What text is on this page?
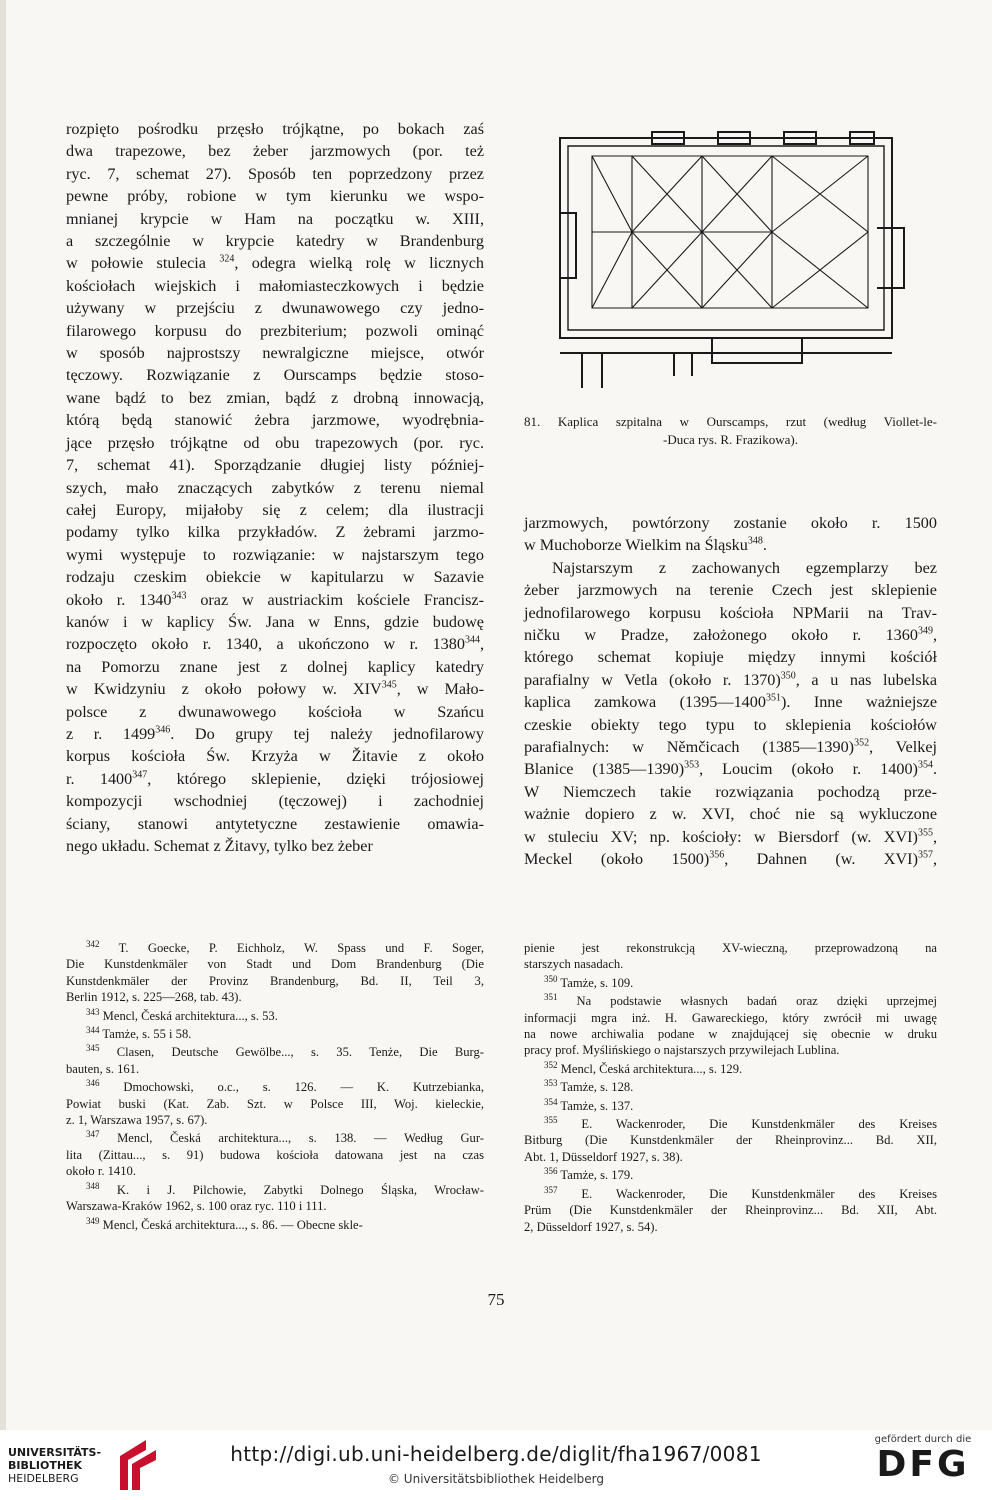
rozpięto pośrodku przęsło trójkątne, po bokach zaś
dwa trapezowe, bez żeber jarzmowych (por. też
ryc. 7, schemat 27). Sposób ten poprzedzony przez
pewne próby, robione w tym kierunku we wspo-
mnianej krypcie w Ham na początku w. XIII,
a szczególnie w krypcie katedry w Brandenburg
w połowie stulecia $^{324}$, odegra wielką rolę w licznych
kościołach wiejskich i małomiasteczkowych i będzie
używany w przejściu z dwunawowego czy jedno-
filarowego korpusu do prezbiterium; pozwoli ominąć
w sposób najprostszy newralgiczne miejsce, otwór
tęczowy. Rozwiązanie z Ourscamps będzie stoso-
wane bądź to bez zmian, bądź z drobną innowacją,
którą będą stanowić żebra jarzmowe, wyodrębnia-
jące przęsło trójkątne od obu trapezowych (por. ryc.
7, schemat 41). Sporządzanie długiej listy później-
szych, mało znaczących zabytków z terenu niemal
całej Europy, mijałoby się z celem; dla ilustracji
podamy tylko kilka przykładów. Z żebrami jarzmo-
wymi występuje to rozwiązanie: w najstarszym tego
rodzaju czeskim obiekcie w kapitularzu w Sazavie
około r. 1340$^{343}$ oraz w austriackim kościele Francisz-
kanów i w kaplicy Św. Jana w Enns, gdzie budowę
rozpoczęto około r. 1340, a ukończono w r. 1380$^{344}$,
na Pomorzu znane jest z dolnej kaplicy katedry
w Kwidzyniu z około połowy w. XIV$^{345}$, w Mało-
polsce z dwunawowego kościoła w Szańcu
z r. 1499$^{346}$. Do grupy tej należy jednofilarowy
korpus kościoła Św. Krzyża w Žitavie z około
r. 1400$^{347}$, którego sklepienie, dzięki trójosiowej
kompozycji wschodniej (tęczowej) i zachodniej
ściany, stanowi antytetyczne zestawienie omawia-
nego układu. Schemat z Žitavy, tylko bez żeber
81. Kaplica szpitalna w Ourscamps, rzut (według Viollet-le-
-Duca rys. R. Frazikowa).
jarzmowych, powtórzony zostanie około r. 1500
w Muchoborze Wielkim na Śląsku$^{348}$.
Najstarszym z zachowanych egzemplarzy bez
żeber jarzmowych na terenie Czech jest sklepienie
jednofilarowego korpusu kościoła NPMarii na Trav-
ničku w Pradze, założonego około r. 1360$^{349}$,
którego schemat kopiuje między innymi kościół
parafialny w Vetla (około r. 1370)$^{350}$, a u nas lubelska
kaplica zamkowa (1395—1400$^{351}$). Inne ważniejsze
czeskie obiekty tego typu to sklepienia kościołów
parafialnych: w Němčicach (1385—1390)$^{352}$, Velkej
Blanice (1385—1390)$^{353}$, Loucim (około r. 1400)$^{354}$.
W Niemczech takie rozwiązania pochodzą prze-
ważnie dopiero z w. XVI, choć nie są wykluczone
w stuleciu XV; np. kościoły: w Biersdorf (w. XVI)$^{355}$,
Meckel (około 1500)$^{356}$, Dahnen (w. XVI)$^{357}$,
$^{342}$ T. Goecke, P. Eichholz, W. Spass und F. Soger,
Die Kunstdenkmäler von Stadt und Dom Brandenburg (Die
Kunstdenkmäler der Provinz Brandenburg, Bd. II, Teil 3,
Berlin 1912, s. 225—268, tab. 43).
$^{343}$ Mencl, Česká architektura..., s. 53.
$^{344}$ Tamże, s. 55 i 58.
$^{345}$ Clasen, Deutsche Gewölbe..., s. 35. Tenże, Die Burg-
bauten, s. 161.
$^{346}$ Dmochowski, o.c., s. 126. — K. Kutrzebianka,
Powiat buski (Kat. Zab. Szt. w Polsce III, Woj. kieleckie,
z. 1, Warszawa 1957, s. 67).
$^{347}$ Mencl, Česká architektura..., s. 138. — Według Gur-
lita (Zittau..., s. 91) budowa kościoła datowana jest na czas
około r. 1410.
$^{348}$ K. i J. Pilchowie, Zabytki Dolnego Śląska, Wrocław-
Warszawa-Kraków 1962, s. 100 oraz ryc. 110 i 111.
$^{349}$ Mencl, Česká architektura..., s. 86. — Obecne skle-
pienie jest rekonstrukcją XV-wieczną, przeprowadzoną na
starszych nasadach.
$^{350}$ Tamże, s. 109.
$^{351}$ Na podstawie własnych badań oraz dzięki uprzejmej
informacji mgra inż. H. Gawareckiego, który zwrócił mi uwagę
na nowe archiwalia podane w znajdującej się obecnie w druku
pracy prof. Myślińskiego o najstarszych przywilejach Lublina.
$^{352}$ Mencl, Česká architektura..., s. 129.
$^{353}$ Tamże, s. 128.
$^{354}$ Tamże, s. 137.
$^{355}$ E. Wackenroder, Die Kunstdenkmäler des Kreises
Bitburg (Die Kunstdenkmäler der Rheinprovinz... Bd. XII,
Abt. 1, Düsseldorf 1927, s. 38).
$^{356}$ Tamże, s. 179.
$^{357}$ E. Wackenroder, Die Kunstdenkmäler des Kreises
Prüm (Die Kunstdenkmäler der Rheinprovinz... Bd. XII, Abt.
2, Düsseldorf 1927, s. 54).
75
UNIVERSITÄTS-
BIBLIOTHEK
HEIDELBERG
http://digi.ub.uni-heidelberg.de/diglit/fha1967/0081
© Universitätsbibliothek Heidelberg
gefördert durch die
DFG
